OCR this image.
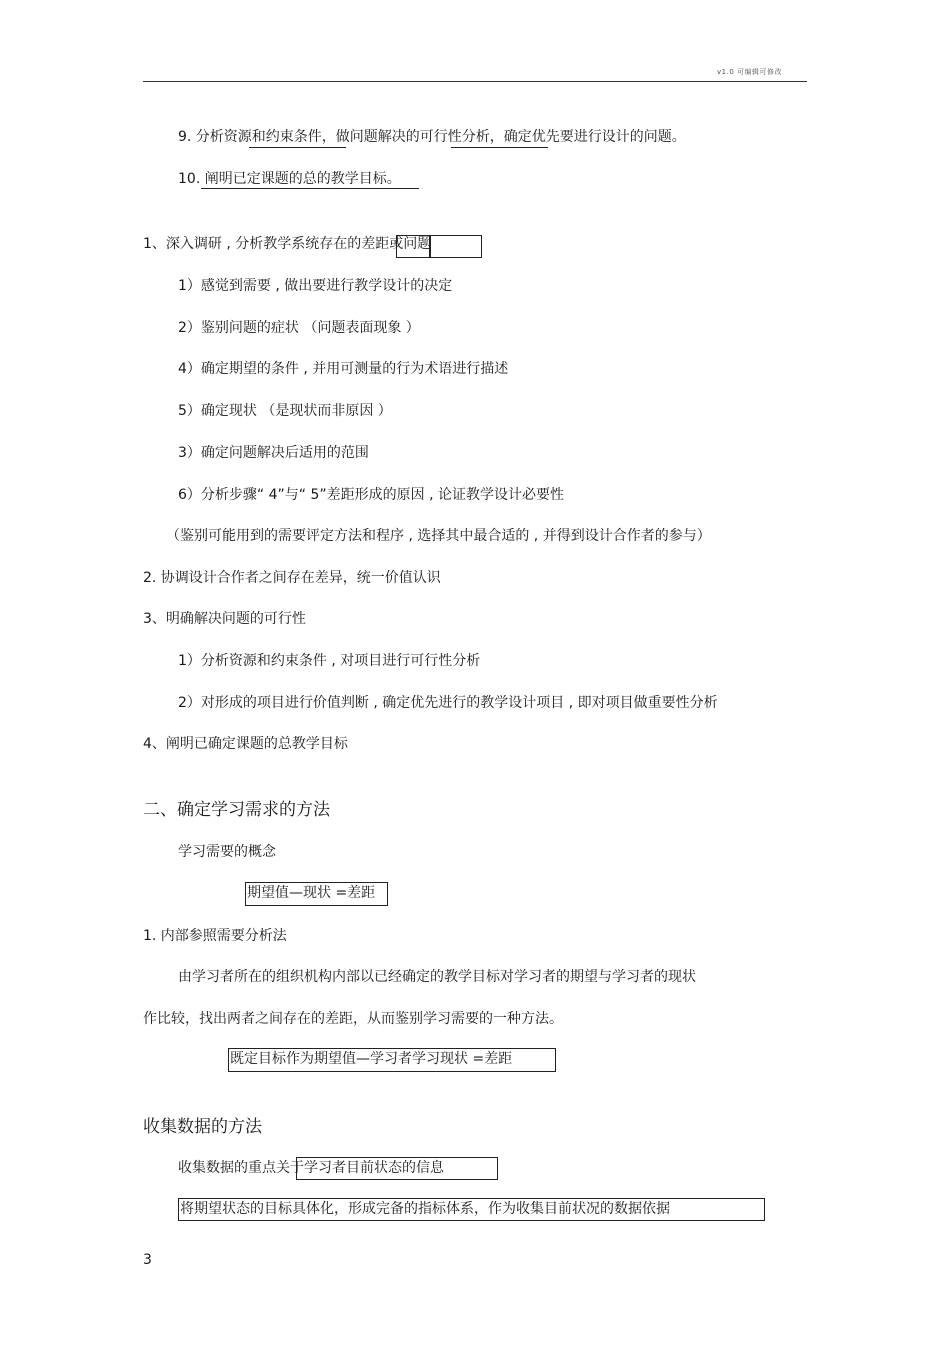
v1.0 可编辑可修改
9. 分析资源和约束条件，做问题解决的可行性分析，确定优先要进行设计的问题。
10. 阐明已定课题的总的教学目标。
1、深入调研 , 分析教学系统存在的差距或问题
1）感觉到需要 , 做出要进行教学设计的决定
2）鉴别问题的症状 （问题表面现象 ）
4）确定期望的条件 , 并用可测量的行为术语进行描述
5）确定现状 （是现状而非原因 ）
3）确定问题解决后适用的范围
6）分析步骤“ 4”与“ 5”差距形成的原因 , 论证教学设计必要性
（鉴别可能用到的需要评定方法和程序 , 选择其中最合适的 , 并得到设计合作者的参与）
2. 协调设计合作者之间存在差异，统一价值认识
3、明确解决问题的可行性
1）分析资源和约束条件 , 对项目进行可行性分析
2）对形成的项目进行价值判断 , 确定优先进行的教学设计项目 , 即对项目做重要性分析
4、阐明已确定课题的总教学目标
二、确定学习需求的方法
学习需要的概念
期望值—现状 =差距
1. 内部参照需要分析法
由学习者所在的组织机构内部以已经确定的教学目标对学习者的期望与学习者的现状
作比较，找出两者之间存在的差距，从而鉴别学习需要的一种方法。
既定目标作为期望值—学习者学习现状 =差距
收集数据的方法
收集数据的重点关于学习者目前状态的信息
将期望状态的目标具体化，形成完备的指标体系，作为收集目前状况的数据依据
3
